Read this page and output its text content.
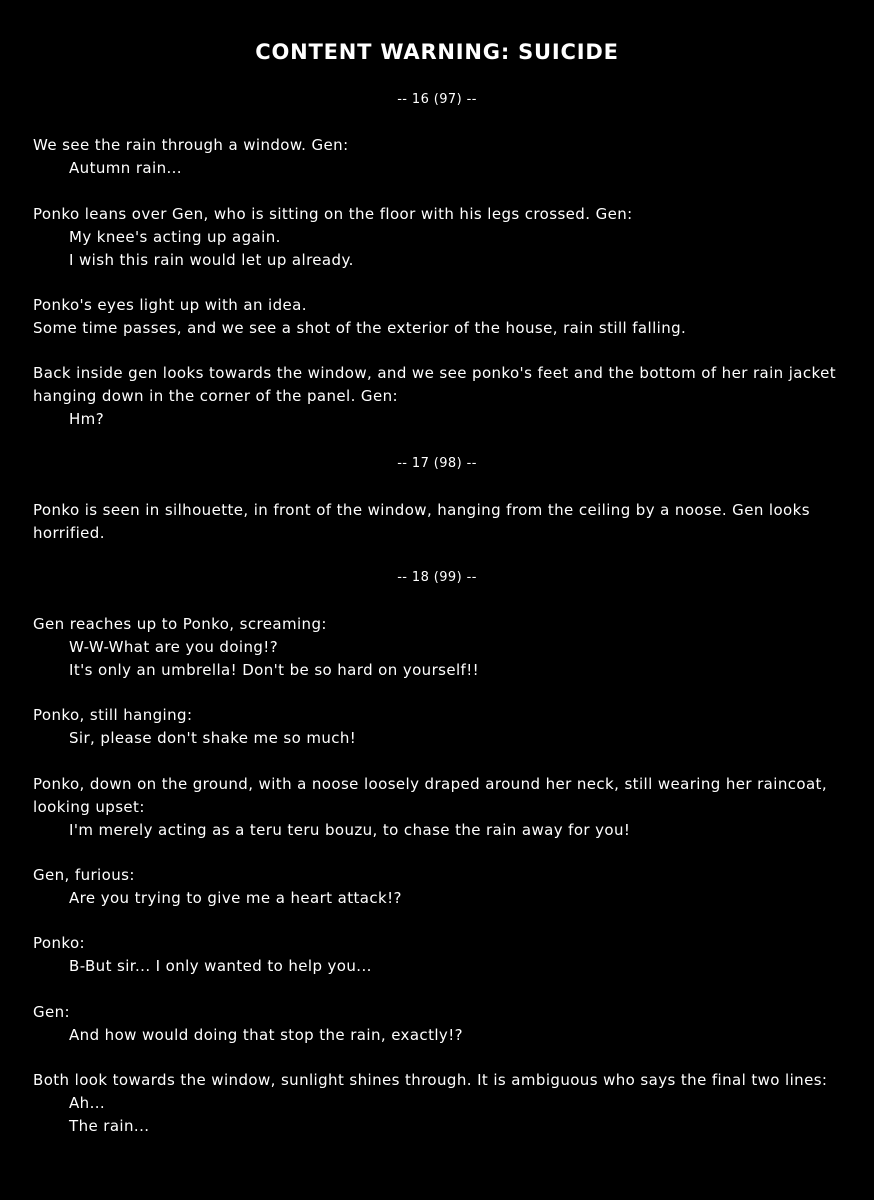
CONTENT WARNING: SUICIDE
-- 16 (97) --
We see the rain through a window. Gen:
Autumn rain...
Ponko leans over Gen, who is sitting on the floor with his legs crossed. Gen:
My knee's acting up again.
I wish this rain would let up already.
Ponko's eyes light up with an idea.
Some time passes, and we see a shot of the exterior of the house, rain still falling.
Back inside gen looks towards the window, and we see ponko's feet and the bottom of her rain jacket hanging down in the corner of the panel. Gen:
Hm?
-- 17 (98) --
Ponko is seen in silhouette, in front of the window, hanging from the ceiling by a noose. Gen looks horrified.
-- 18 (99) --
Gen reaches up to Ponko, screaming:
W-W-What are you doing!?
It's only an umbrella! Don't be so hard on yourself!!
Ponko, still hanging:
Sir, please don't shake me so much!
Ponko, down on the ground, with a noose loosely draped around her neck, still wearing her raincoat, looking upset:
I'm merely acting as a teru teru bouzu, to chase the rain away for you!
Gen, furious:
Are you trying to give me a heart attack!?
Ponko:
B-But sir... I only wanted to help you...
Gen:
And how would doing that stop the rain, exactly!?
Both look towards the window, sunlight shines through. It is ambiguous who says the final two lines:
Ah...
The rain...
